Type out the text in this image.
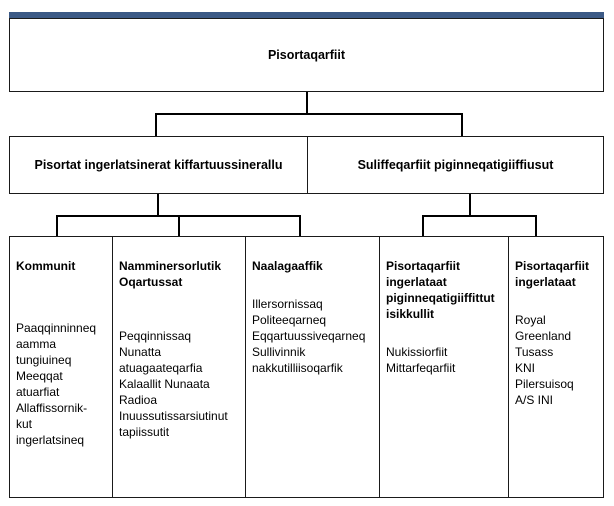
Pisortaqarfiit
Pisortat ingerlatsinerat kiffartuussinerallu	Suliffeqarfiit piginneqatigiiffiusut
Kommunit
Paaqqinninneq
aamma
tungiuineq
Meeqqat
atuarfiat
Allaffissornik-
kut
ingerlatsineq
Namminersorlutik
Oqartussat
Peqqinnissaq
Nunatta
atuagaateqarfia
Kalaallit Nunaata
Radioa
Inuussutissarsiutinut
tapiissutit
Naalagaaffik
Illersornissaq
Politeeqarneq
Eqqartuussiveqarneq
Sullivinnik
nakkutilliisoqarfik
Pisortaqarfiit
ingerlataat
piginneqatigiiffittut
isikkullit
Nukissiorfiit
Mittarfeqarfiit
Pisortaqarfiit
ingerlataat
Royal
Greenland
Tusass
KNI
Pilersuisoq
A/S INI
